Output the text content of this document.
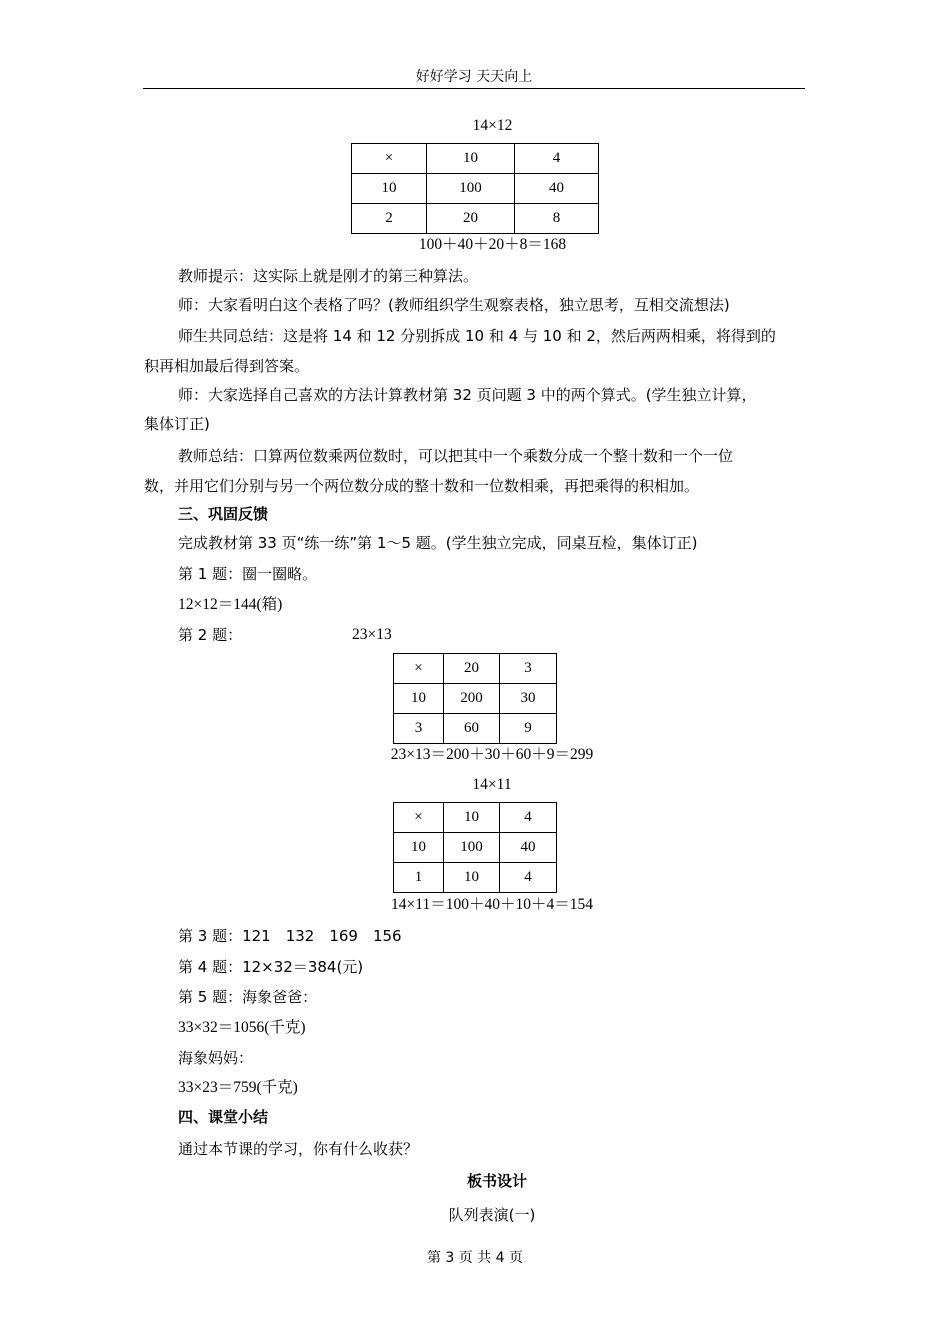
好好学习 天天向上
14×12
×	10	4
10	100	40
2	20	8
100＋40＋20＋8＝168
教师提示：这实际上就是刚才的第三种算法。
师：大家看明白这个表格了吗？(教师组织学生观察表格，独立思考，互相交流想法)
师生共同总结：这是将 14 和 12 分别拆成 10 和 4 与 10 和 2，然后两两相乘，将得到的
积再相加最后得到答案。
师：大家选择自己喜欢的方法计算教材第 32 页问题 3 中的两个算式。(学生独立计算，
集体订正)
教师总结：口算两位数乘两位数时，可以把其中一个乘数分成一个整十数和一个一位
数，并用它们分别与另一个两位数分成的整十数和一位数相乘，再把乘得的积相加。
三、巩固反馈
完成教材第 33 页“练一练”第 1～5 题。(学生独立完成，同桌互检，集体订正)
第 1 题：圈一圈略。
12×12＝144(箱)
第 2 题：	23×13
×	20	3
10	200	30
3	60	9
23×13＝200＋30＋60＋9＝299
14×11
×	10	4
10	100	40
1	10	4
14×11＝100＋40＋10＋4＝154
第 3 题：121　132　169　156
第 4 题：12×32＝384(元)
第 5 题：海象爸爸：
33×32＝1056(千克)
海象妈妈：
33×23＝759(千克)
四、课堂小结
通过本节课的学习，你有什么收获？
板书设计
队列表演(一)
第 3 页 共 4 页
